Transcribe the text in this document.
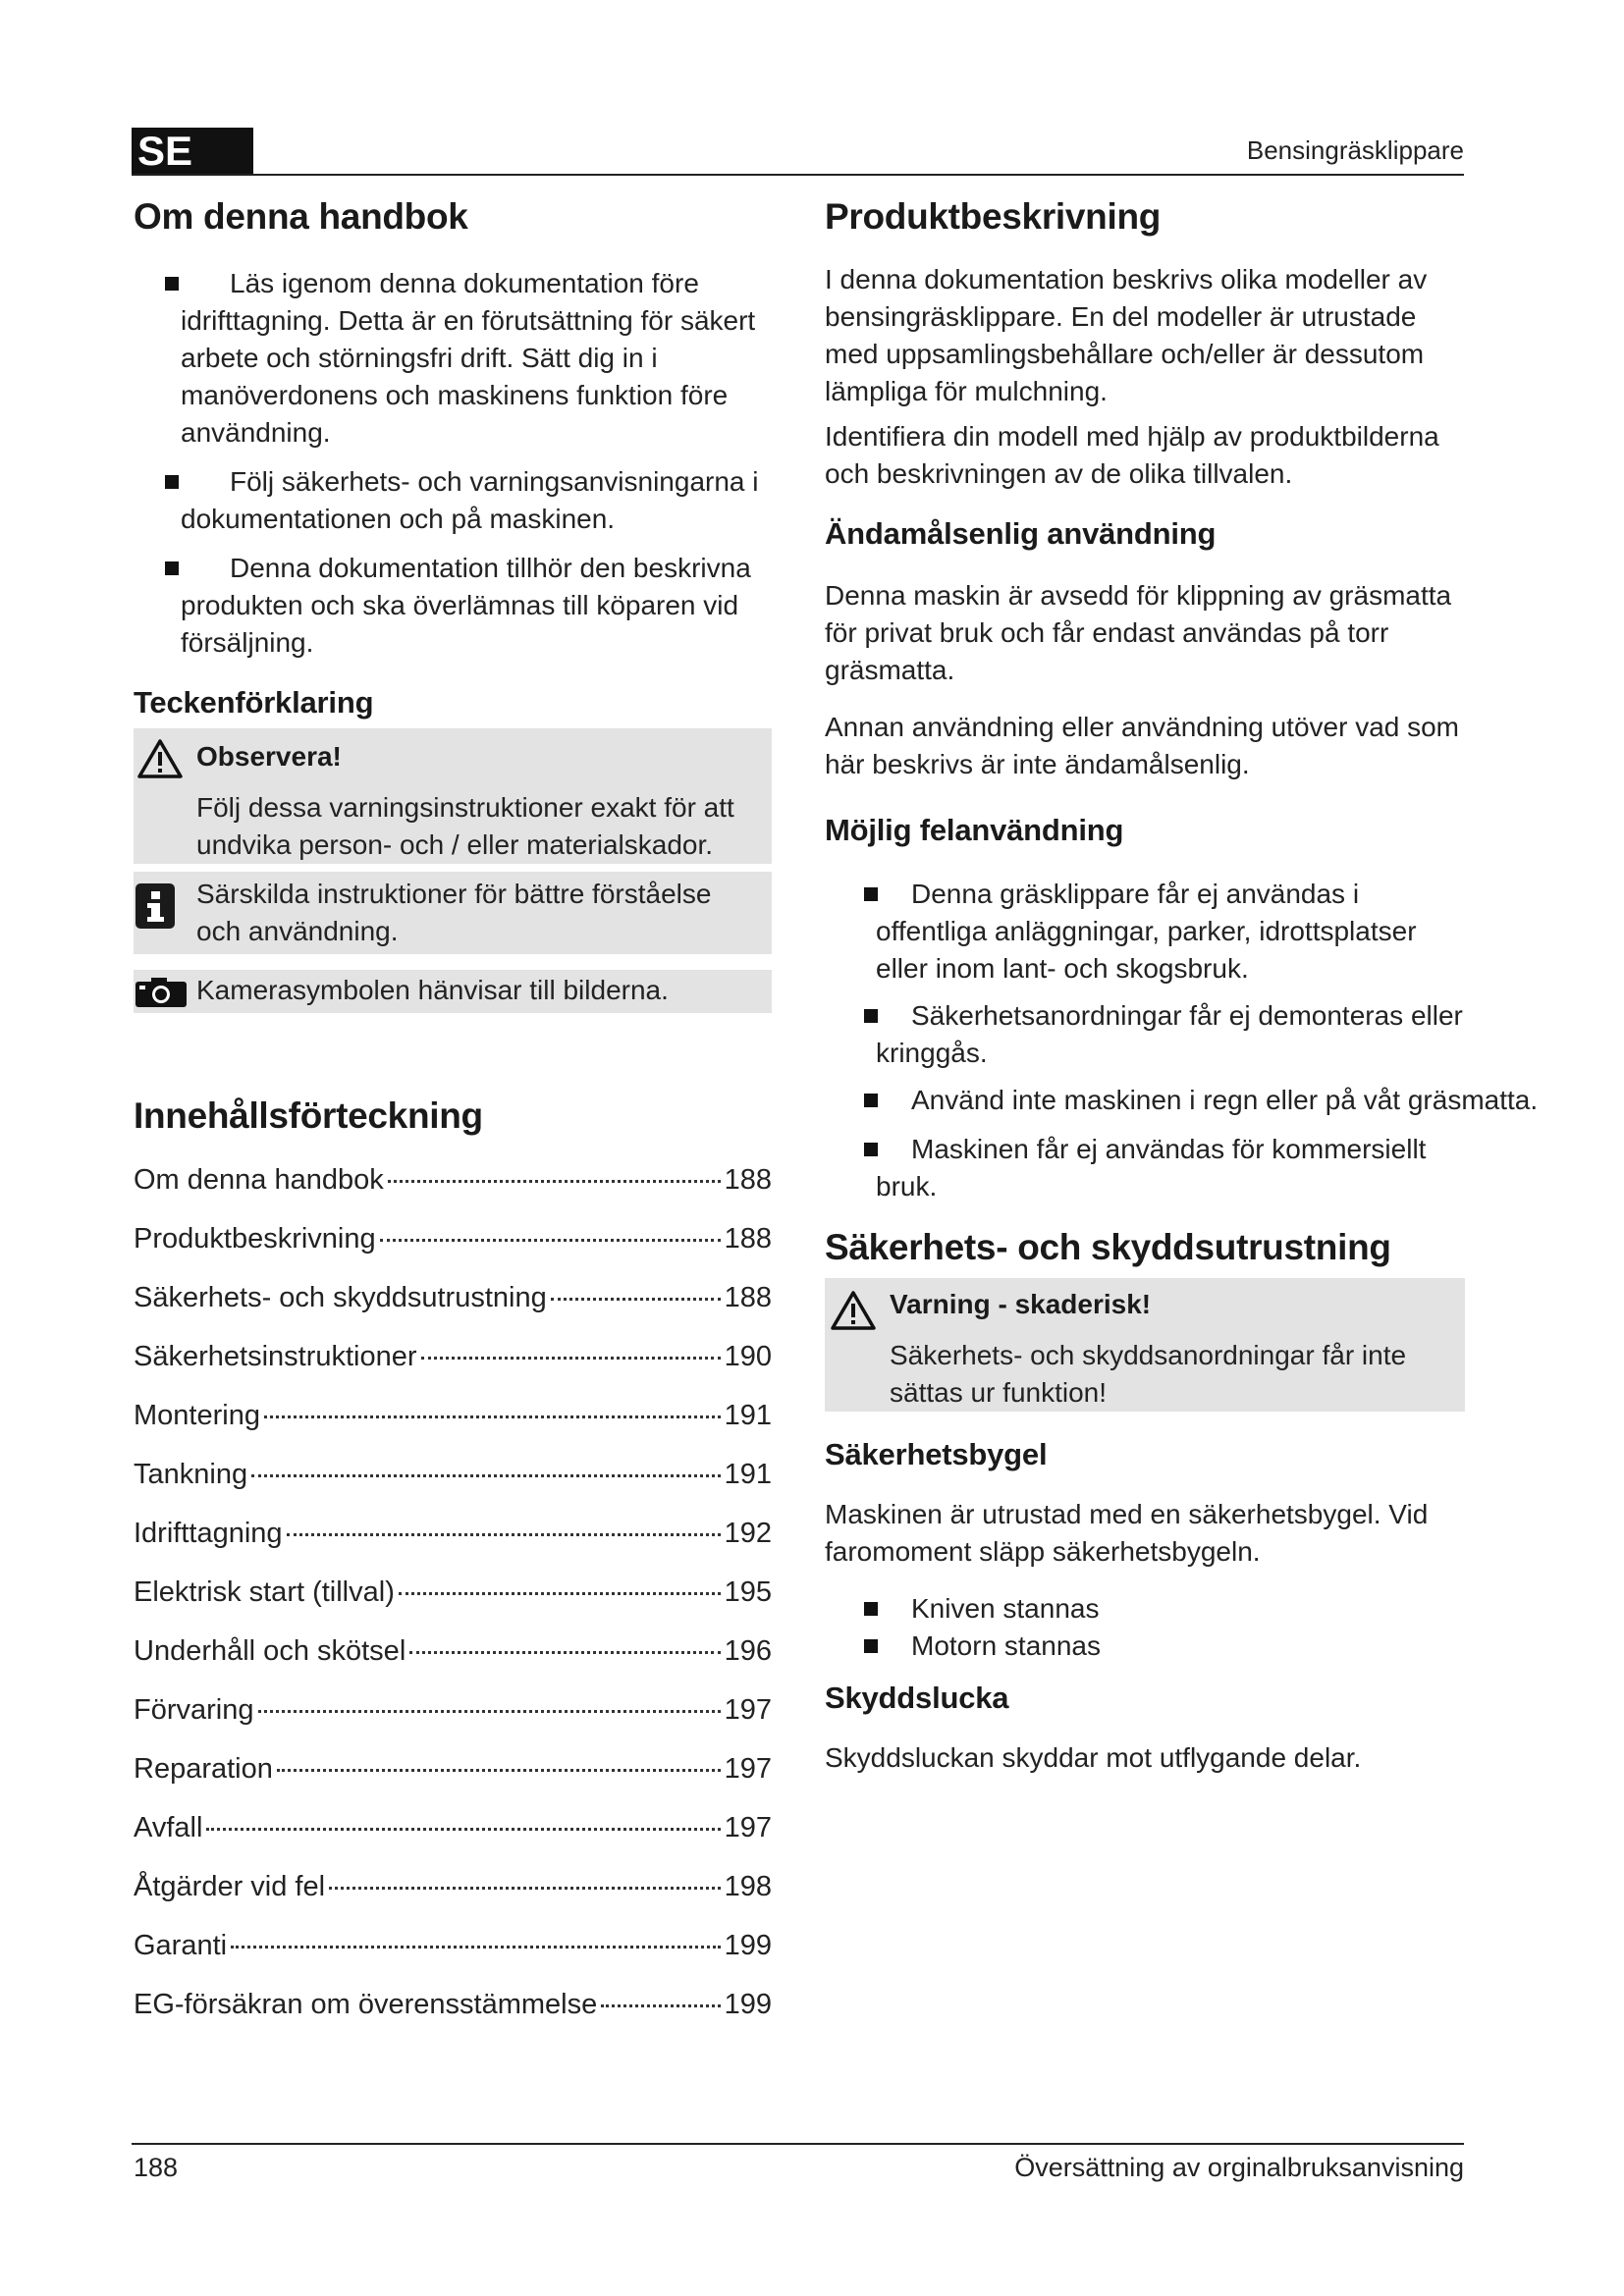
SE	Bensingräsklippare
Om denna handbok
Läs igenom denna dokumentation före idrifttagning. Detta är en förutsättning för säkert arbete och störningsfri drift. Sätt dig in i manöverdonens och maskinens funktion före användning.
Följ säkerhets- och varningsanvisningarna i dokumentationen och på maskinen.
Denna dokumentation tillhör den beskrivna produkten och ska överlämnas till köparen vid försäljning.
Teckenförklaring
Observera!
Följ dessa varningsinstruktioner exakt för att undvika person- och / eller materialskador.
Särskilda instruktioner för bättre förståelse och användning.
Kamerasymbolen hänvisar till bilderna.
Innehållsförteckning
Om denna handbok	188
Produktbeskrivning	188
Säkerhets- och skyddsutrustning	188
Säkerhetsinstruktioner	190
Montering	191
Tankning	191
Idrifttagning	192
Elektrisk start (tillval)	195
Underhåll och skötsel	196
Förvaring	197
Reparation	197
Avfall	197
Åtgärder vid fel	198
Garanti	199
EG-försäkran om överensstämmelse	199
Produktbeskrivning

I denna dokumentation beskrivs olika modeller av bensingräsklippare. En del modeller är utrustade med uppsamlingsbehållare och/eller är dessutom lämpliga för mulchning.

Identifiera din modell med hjälp av produktbilderna och beskrivningen av de olika tillvalen.

Ändamålsenlig användning

Denna maskin är avsedd för klippning av gräsmatta för privat bruk och får endast användas på torr gräsmatta.

Annan användning eller användning utöver vad som här beskrivs är inte ändamålsenlig.

Möjlig felanvändning
Denna gräsklippare får ej användas i offentliga anläggningar, parker, idrottsplatser eller inom lant- och skogsbruk.
Säkerhetsanordningar får ej demonteras eller kringgås.
Använd inte maskinen i regn eller på våt gräsmatta.
Maskinen får ej användas för kommersiellt bruk.
Säkerhets- och skyddsutrustning
Varning - skaderisk!
Säkerhets- och skyddsanordningar får inte sättas ur funktion!
Säkerhetsbygel

Maskinen är utrustad med en säkerhetsbygel. Vid faromoment släpp säkerhetsbygeln.

Kniven stannas
Motorn stannas
Skyddslucka

Skyddsluckan skyddar mot utflygande delar.

188	Översättning av orginalbruksanvisning
